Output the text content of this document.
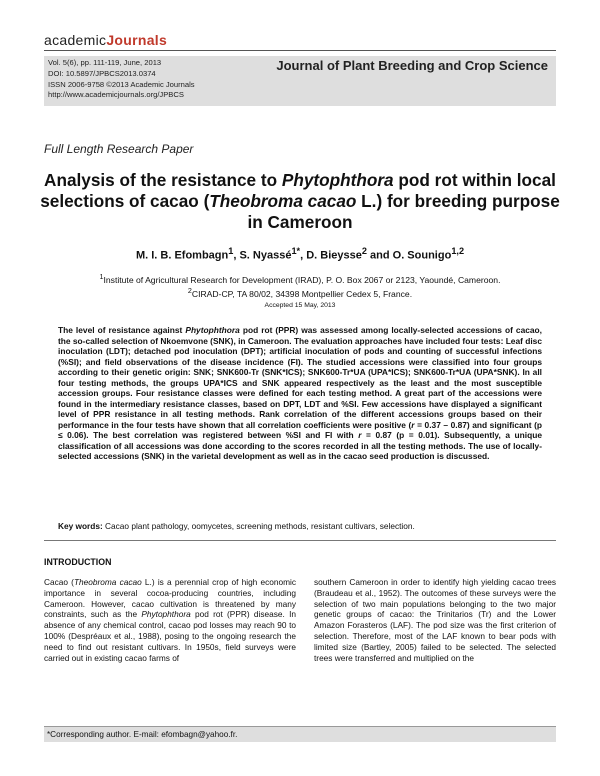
academicJournals
Vol. 5(6), pp. 111-119, June, 2013
DOI: 10.5897/JPBCS2013.0374
ISSN 2006-9758 ©2013 Academic Journals
http://www.academicjournals.org/JPBCS
Journal of Plant Breeding and Crop Science
Full Length Research Paper
Analysis of the resistance to Phytophthora pod rot within local selections of cacao (Theobroma cacao L.) for breeding purpose in Cameroon
M. I. B. Efombagn$^1$, S. Nyassé$^{1*}$, D. Bieysse$^2$ and O. Sounigo$^{1,2}$
$^1$Institute of Agricultural Research for Development (IRAD), P. O. Box 2067 or 2123, Yaoundé, Cameroon.
$^2$CIRAD-CP, TA 80/02, 34398 Montpellier Cedex 5, France.
Accepted 15 May, 2013
The level of resistance against Phytophthora pod rot (PPR) was assessed among locally-selected accessions of cacao, the so-called selection of Nkoemvone (SNK), in Cameroon. The evaluation approaches have included four tests: Leaf disc inoculation (LDT); detached pod inoculation (DPT); artificial inoculation of pods and counting of successful infections (%SI); and field observations of the disease incidence (FI). The studied accessions were classified into four groups according to their genetic origin: SNK; SNK600-Tr (SNK*ICS); SNK600-Tr*UA (UPA*ICS); SNK600-Tr*UA (UPA*SNK). In all four testing methods, the groups UPA*ICS and SNK appeared respectively as the least and the most susceptible accession groups. Four resistance classes were defined for each testing method. A great part of the accessions were found in the intermediary resistance classes, based on DPT, LDT and %SI. Few accessions have displayed a significant level of PPR resistance in all testing methods. Rank correlation of the different accessions groups based on their performance in the four tests have shown that all correlation coefficients were positive (r = 0.37 – 0.87) and significant (p ≤ 0.06). The best correlation was registered between %SI and FI with r = 0.87 (p = 0.01). Subsequently, a unique classification of all accessions was done according to the scores recorded in all the testing methods. The use of locally-selected accessions (SNK) in the varietal development as well as in the cacao seed production is discussed.
Key words: Cacao plant pathology, oomycetes, screening methods, resistant cultivars, selection.
INTRODUCTION
Cacao (Theobroma cacao L.) is a perennial crop of high economic importance in several cocoa-producing countries, including Cameroon. However, cacao cultivation is threatened by many constraints, such as the Phytophthora pod rot (PPR) disease. In absence of any chemical control, cacao pod losses may reach 90 to 100% (Despréaux et al., 1988), posing to the ongoing research the need to find out resistant cultivars. In 1950s, field surveys were carried out in existing cacao farms of
southern Cameroon in order to identify high yielding cacao trees (Braudeau et al., 1952). The outcomes of these surveys were the selection of two main populations belonging to the two major genetic groups of cacao: the Trinitarios (Tr) and the Lower Amazon Forasteros (LAF). The pod size was the first criterion of selection. Therefore, most of the LAF known to bear pods with limited size (Bartley, 2005) failed to be selected. The selected trees were transferred and multiplied on the
*Corresponding author. E-mail: efombagn@yahoo.fr.
